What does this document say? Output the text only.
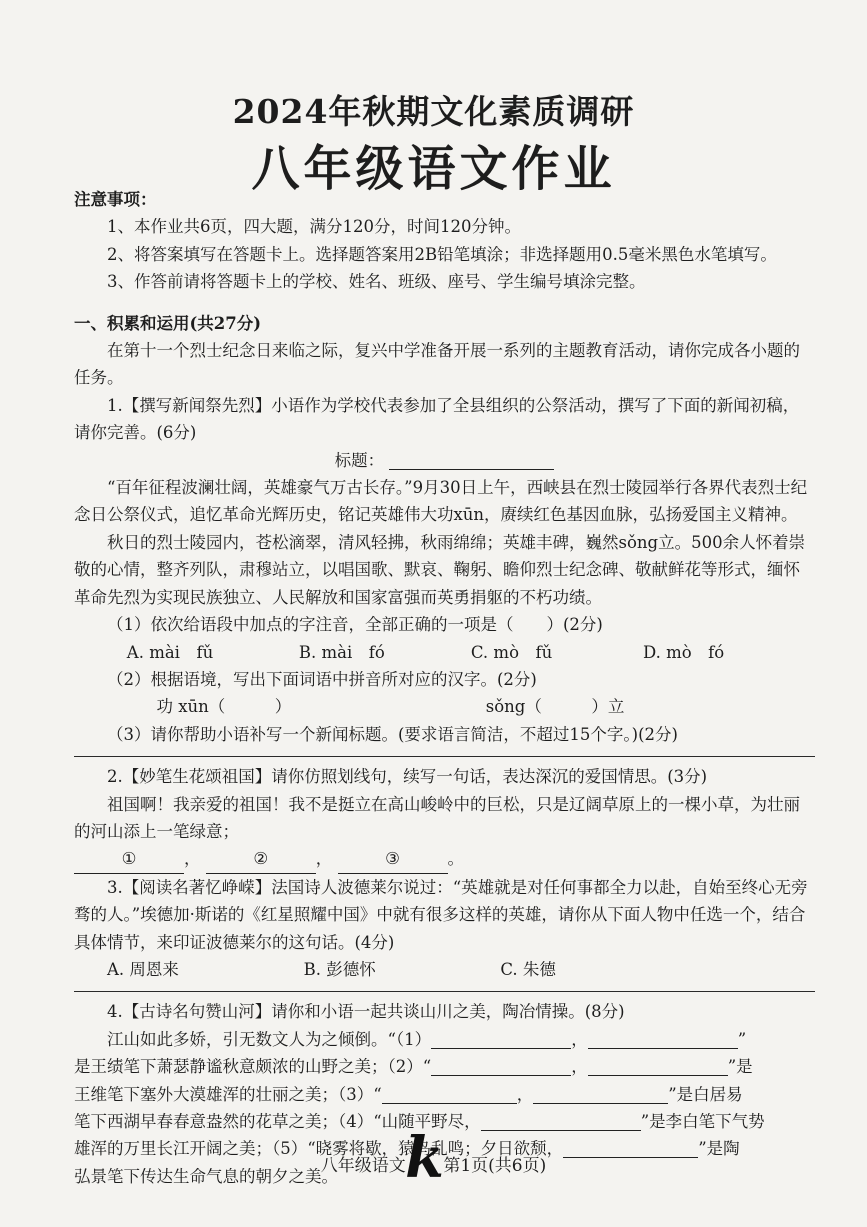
2024年秋期文化素质调研
八年级语文作业

注意事项：

1、本作业共6页，四大题，满分120分，时间120分钟。

2、将答案填写在答题卡上。选择题答案用2B铅笔填涂；非选择题用0.5毫米黑色水笔填写。

3、作答前请将答题卡上的学校、姓名、班级、座号、学生编号填涂完整。

一、积累和运用(共27分)

在第十一个烈士纪念日来临之际，复兴中学准备开展一系列的主题教育活动，请你完成各小题的任务。

1.【撰写新闻祭先烈】小语作为学校代表参加了全县组织的公祭活动，撰写了下面的新闻初稿，请你完善。(6分)

标题：

“百年征程波澜壮阔，英雄豪气万古长存。”9月30日上午，西峡县在烈士陵园举行各界代表烈士纪念日公祭仪式，追忆革命光辉历史，铭记英雄伟大功xūn，赓续红色基因血脉，弘扬爱国主义精神。

秋日的烈士陵园内，苍松滴翠，清风轻拂，秋雨绵绵；英雄丰碑，巍然sǒng立。500余人怀着崇敬的心情，整齐列队，肃穆站立，以唱国歌、默哀、鞠躬、瞻仰烈士纪念碑、敬献鲜花等形式，缅怀革命先烈为实现民族独立、人民解放和国家富强而英勇捐躯的不朽功绩。

（1）依次给语段中加点的字注音，全部正确的一项是（　　）(2分)

A. mài　fǔ	B. mài　fó	C. mò　fǔ	D. mò　fó

（2）根据语境，写出下面词语中拼音所对应的汉字。(2分)

功 xūn（　　　）	sǒng（　　　）立

（3）请你帮助小语补写一个新闻标题。(要求语言简洁，不超过15个字。)(2分)

2.【妙笔生花颂祖国】请你仿照划线句，续写一句话，表达深沉的爱国情思。(3分)

祖国啊！我亲爱的祖国！我不是挺立在高山峻岭中的巨松，只是辽阔草原上的一棵小草，为壮丽的河山添上一笔绿意； ①	，	②	，	③	。

3.【阅读名著忆峥嵘】法国诗人波德莱尔说过：“英雄就是对任何事都全力以赴，自始至终心无旁骛的人。”埃德加·斯诺的《红星照耀中国》中就有很多这样的英雄，请你从下面人物中任选一个，结合具体情节，来印证波德莱尔的这句话。(4分)

A. 周恩来	B. 彭德怀	C. 朱德

4.【古诗名句赞山河】请你和小语一起共谈山川之美，陶冶情操。(8分)

江山如此多娇，引无数文人为之倾倒。“（1）	，	”

是王绩笔下萧瑟静谧秋意颇浓的山野之美；（2）“	，	”是

王维笔下塞外大漠雄浑的壮丽之美；（3）“	，	”是白居易

笔下西湖早春春意盎然的花草之美；（4）“山随平野尽，	”是李白笔下气势

雄浑的万里长江开阔之美；（5）“晓雾将歇，猿鸟乱鸣；夕日欲颓，	”是陶

弘景笔下传达生命气息的朝夕之美。

八年级语文 k 第1页(共6页)
